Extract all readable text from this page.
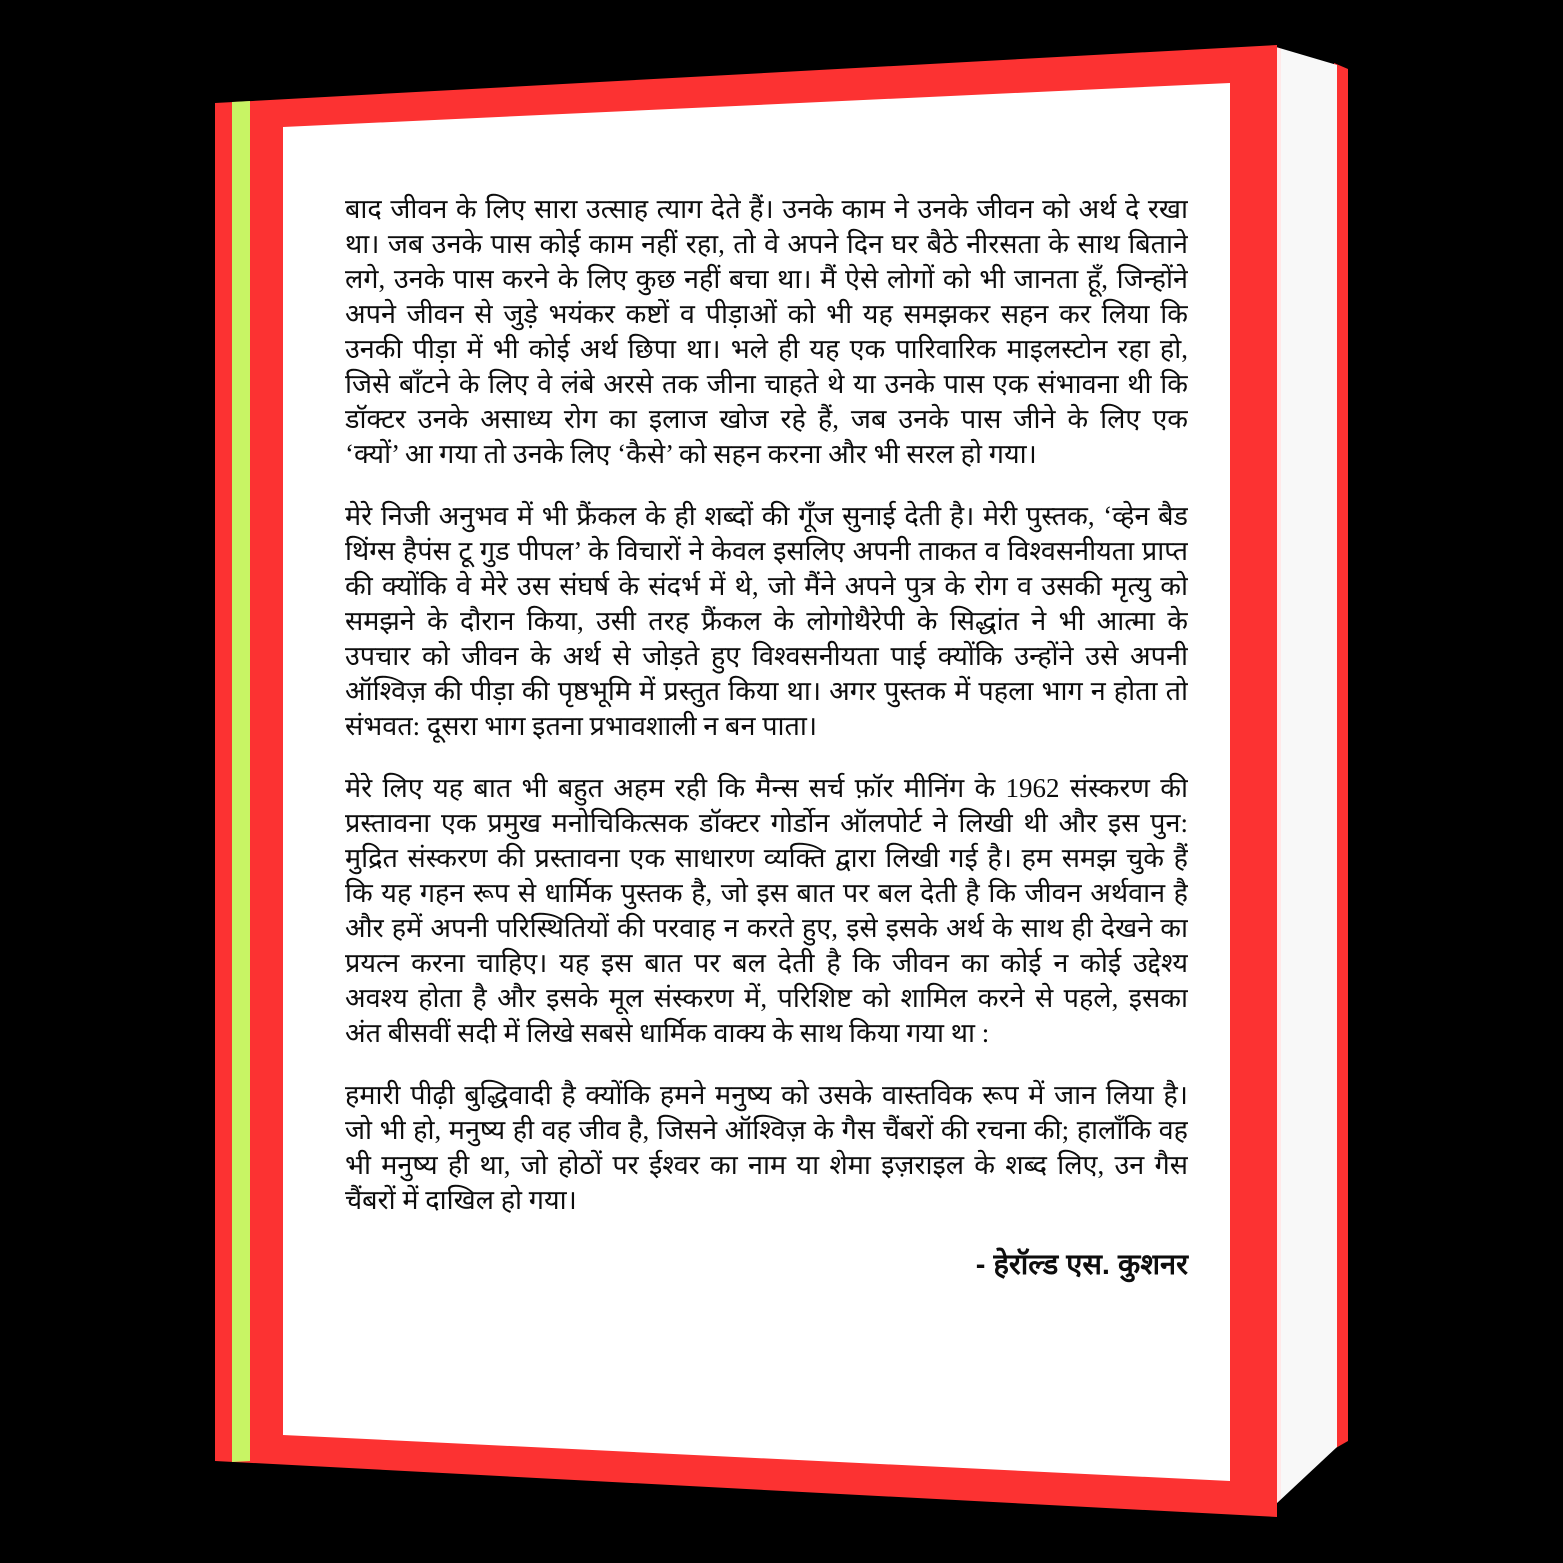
बाद जीवन के लिए सारा उत्साह त्याग देते हैं। उनके काम ने उनके जीवन को अर्थ दे रखा
था। जब उनके पास कोई काम नहीं रहा, तो वे अपने दिन घर बैठे नीरसता के साथ बिताने
लगे, उनके पास करने के लिए कुछ नहीं बचा था। मैं ऐसे लोगों को भी जानता हूँ, जिन्होंने
अपने जीवन से जुड़े भयंकर कष्टों व पीड़ाओं को भी यह समझकर सहन कर लिया कि
उनकी पीड़ा में भी कोई अर्थ छिपा था। भले ही यह एक पारिवारिक माइलस्टोन रहा हो,
जिसे बाँटने के लिए वे लंबे अरसे तक जीना चाहते थे या उनके पास एक संभावना थी कि
डॉक्टर उनके असाध्य रोग का इलाज खोज रहे हैं, जब उनके पास जीने के लिए एक
‘क्यों’ आ गया तो उनके लिए ‘कैसे’ को सहन करना और भी सरल हो गया।
मेरे निजी अनुभव में भी फ्रैंकल के ही शब्दों की गूँज सुनाई देती है। मेरी पुस्तक, ‘व्हेन बैड
थिंग्स हैपंस टू गुड पीपल’ के विचारों ने केवल इसलिए अपनी ताकत व विश्वसनीयता प्राप्त
की क्योंकि वे मेरे उस संघर्ष के संदर्भ में थे, जो मैंने अपने पुत्र के रोग व उसकी मृत्यु को
समझने के दौरान किया, उसी तरह फ्रैंकल के लोगोथैरेपी के सिद्धांत ने भी आत्मा के
उपचार को जीवन के अर्थ से जोड़ते हुए विश्वसनीयता पाई क्योंकि उन्होंने उसे अपनी
ऑश्विज़ की पीड़ा की पृष्ठभूमि में प्रस्तुत किया था। अगर पुस्तक में पहला भाग न होता तो
संभवत: दूसरा भाग इतना प्रभावशाली न बन पाता।
मेरे लिए यह बात भी बहुत अहम रही कि मैन्स सर्च फ़ॉर मीनिंग के 1962 संस्करण की
प्रस्तावना एक प्रमुख मनोचिकित्सक डॉक्टर गोर्डोन ऑलपोर्ट ने लिखी थी और इस पुन:
मुद्रित संस्करण की प्रस्तावना एक साधारण व्यक्ति द्वारा लिखी गई है। हम समझ चुके हैं
कि यह गहन रूप से धार्मिक पुस्तक है, जो इस बात पर बल देती है कि जीवन अर्थवान है
और हमें अपनी परिस्थितियों की परवाह न करते हुए, इसे इसके अर्थ के साथ ही देखने का
प्रयत्न करना चाहिए। यह इस बात पर बल देती है कि जीवन का कोई न कोई उद्देश्य
अवश्य होता है और इसके मूल संस्करण में, परिशिष्ट को शामिल करने से पहले, इसका
अंत बीसवीं सदी में लिखे सबसे धार्मिक वाक्य के साथ किया गया था :
हमारी पीढ़ी बुद्धिवादी है क्योंकि हमने मनुष्य को उसके वास्तविक रूप में जान लिया है।
जो भी हो, मनुष्य ही वह जीव है, जिसने ऑश्विज़ के गैस चैंबरों की रचना की; हालाँकि वह
भी मनुष्य ही था, जो होठों पर ईश्वर का नाम या शेमा इज़राइल के शब्द लिए, उन गैस
चैंबरों में दाखिल हो गया।
- हेरॉल्ड एस. कुशनर
